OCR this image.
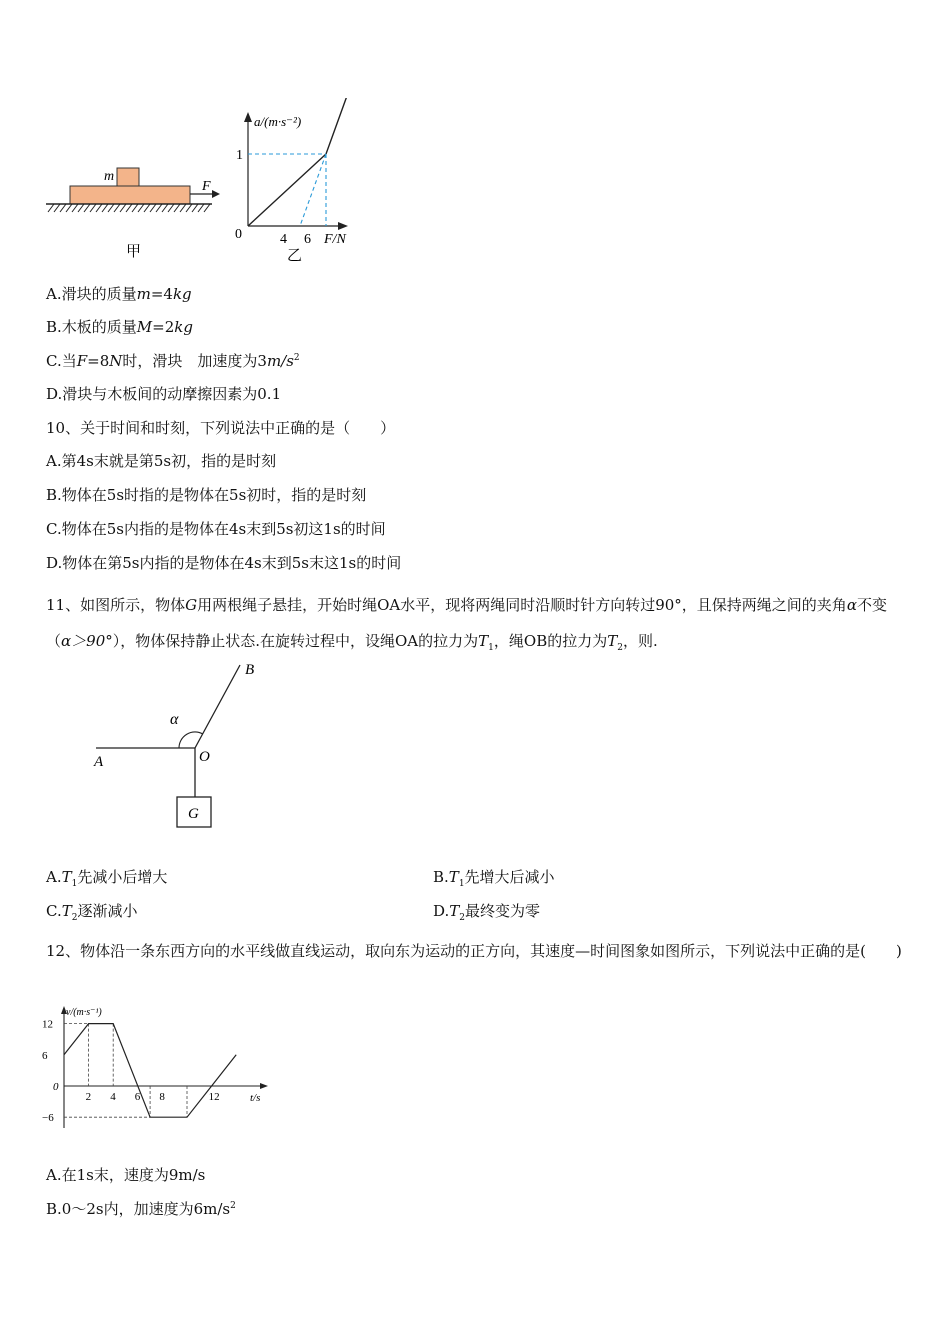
m
F
甲
a/(m·s⁻²)
1
0	4 6 F/N
乙
A.滑块的质量m=4kg
B.木板的质量M=2kg
C.当F=8N时，滑块　加速度为$3m/s^2$
D.滑块与木板间的动摩擦因素为0.1
10、关于时间和时刻，下列说法中正确的是（　　）
A.第4s末就是第5s初，指的是时刻
B.物体在5s时指的是物体在5s初时，指的是时刻
C.物体在5s内指的是物体在4s末到5s初这1s的时间
D.物体在第5s内指的是物体在4s末到5s末这1s的时间
11、如图所示，物体G用两根绳子悬挂，开始时绳OA水平，现将两绳同时沿顺时针方向转过90°，且保持两绳之间的夹角α不变（α＞90°），物体保持静止状态.在旋转过程中，设绳OA的拉力为$T_1$，绳OB的拉力为$T_2$，则.
A
B
O
α
G
$A.T_1$先减小后增大	$B.T_1$先增大后减小
$C.T_2$逐渐减小	$D.T_2$最终变为零
12、物体沿一条东西方向的水平线做直线运动，取向东为运动的正方向，其速度—时间图象如图所示，下列说法中正确的是(　　)
12
6
−6
2 4 6 8	12
v/(m·s⁻¹)
t/s
0
A.在1s末，速度为9m/s
B.0～2s内，加速度为$6m/s^2$
